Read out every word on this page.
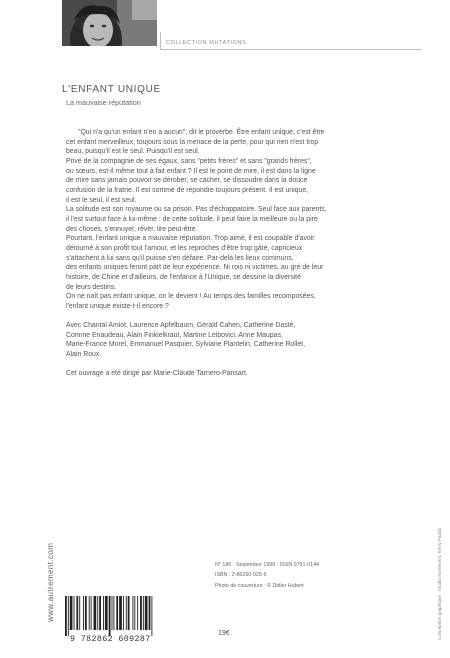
COLLECTION MUTATIONS
L'ENFANT UNIQUE
La mauvaise réputation

"Qui n'a qu'un enfant n'en a aucun", dit le proverbe. Être enfant unique, c'est être

cet enfant merveilleux, toujours sous la menace de la perte, pour qui rien n'est trop

beau, puisqu'il est le seul. Puisqu'il est seul.

Privé de la compagnie de ses égaux, sans "petits frères" et sans "grands frères",

ou sœurs, est-il même tout à fait enfant ? Il est le point de mire, il est dans la ligne

de mire sans jamais pouvoir se dérober, se cacher, se dissoudre dans la douce

confusion de la fratrie. Il est sommé de répondre toujours présent. Il est unique,

il est le seul, il est seul.

La solitude est son royaume ou sa prison. Pas d'échappatoire. Seul face aux parents,

il l'est surtout face à lui-même : de cette solitude, il peut faire la meilleure ou la pire

des choses, s'ennuyer, rêver, lire peut-être.

Pourtant, l'enfant unique a mauvaise réputation. Trop aimé, il est coupable d'avoir

détourné à son profit tout l'amour, et les reproches d'être trop gâté, capricieux

s'attachent à lui sans qu'il puisse s'en défaire. Par-delà les lieux communs,

des enfants uniques feront part de leur expérience. Ni rois ni victimes, au gré de leur

histoire, de Chine et d'ailleurs, de l'enfance à l'Unique, se dessine la diversité

de leurs destins.

On ne naît pas enfant unique, on le devient ! Au temps des familles recomposées,

l'enfant unique existe-t-il encore ?

Avec Chantal Amiot, Laurence Apfelbaum, Gérald Cahen, Catherine Dasté,

Corinne Enaudeau, Alain Finkielkraut, Martine Leibovici, Anne Maupas,

Marie-France Morel, Emmanuel Pasquier, Sylviane Plantelin, Catherine Rollet,

Alain Roux.

Cet ouvrage a été dirigé par Marie-Claude Tarnero-Pansart.

www.autrement.com	Conception graphique : Studio Autrement, Kerry Paddo

N° 186 · Septembre 1999 · ISSN 0751-0144

ISBN : 2-86260-928-5

Photo de couverture : © Didier Hubert

9 782862 609287
19€
